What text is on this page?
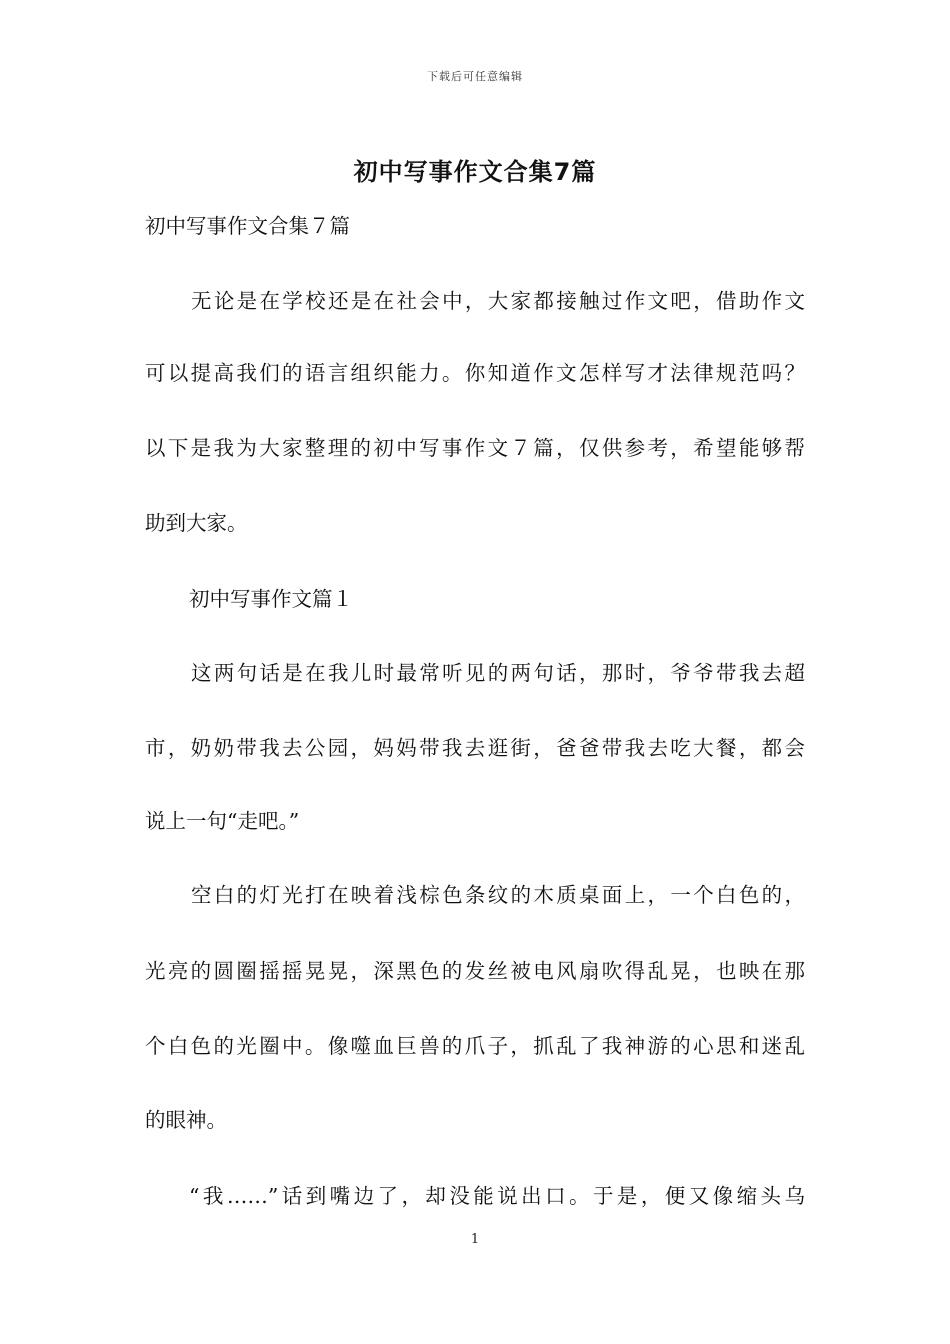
下载后可任意编辑
初中写事作文合集7篇
初中写事作文合集７篇
无论是在学校还是在社会中，大家都接触过作文吧，借助作文
可以提高我们的语言组织能力。你知道作文怎样写才法律规范吗？
以下是我为大家整理的初中写事作文７篇，仅供参考，希望能够帮
助到大家。
初中写事作文篇１
这两句话是在我儿时最常听见的两句话，那时，爷爷带我去超
市，奶奶带我去公园，妈妈带我去逛街，爸爸带我去吃大餐，都会
说上一句“走吧。”
空白的灯光打在映着浅棕色条纹的木质桌面上，一个白色的，
光亮的圆圈摇摇晃晃，深黑色的发丝被电风扇吹得乱晃，也映在那
个白色的光圈中。像噬血巨兽的爪子，抓乱了我神游的心思和迷乱
的眼神。
“我……”话到嘴边了，却没能说出口。于是，便又像缩头乌
1
